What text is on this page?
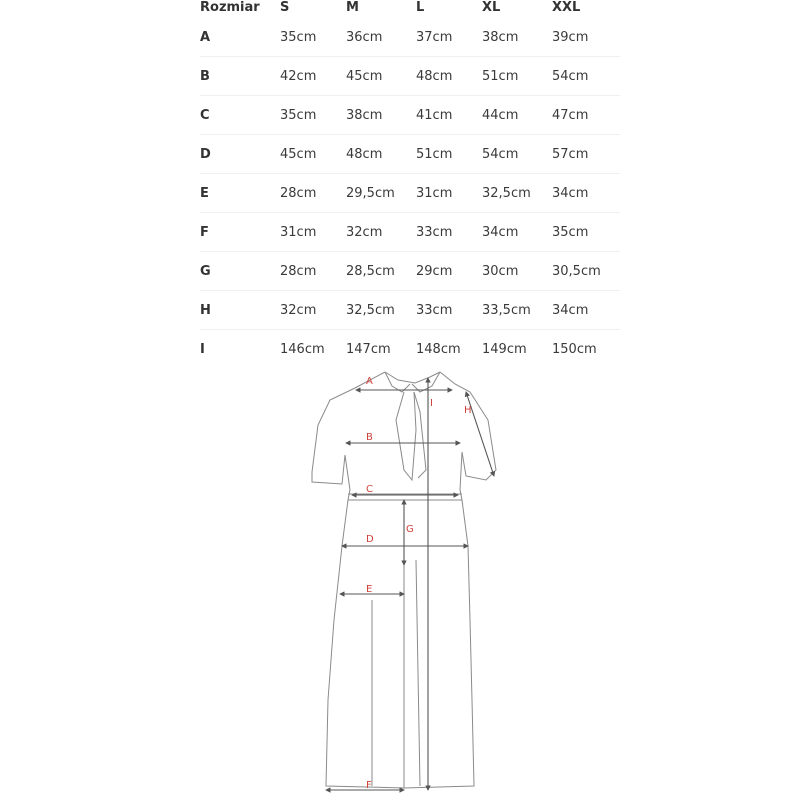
Rozmiar	S	M	L	XL	XXL
A	35cm	36cm	37cm	38cm	39cm
B	42cm	45cm	48cm	51cm	54cm
C	35cm	38cm	41cm	44cm	47cm
D	45cm	48cm	51cm	54cm	57cm
E	28cm	29,5cm	31cm	32,5cm	34cm
F	31cm	32cm	33cm	34cm	35cm
G	28cm	28,5cm	29cm	30cm	30,5cm
H	32cm	32,5cm	33cm	33,5cm	34cm
I	146cm	147cm	148cm	149cm	150cm
A
B
C
D
E
F
G
H
I
